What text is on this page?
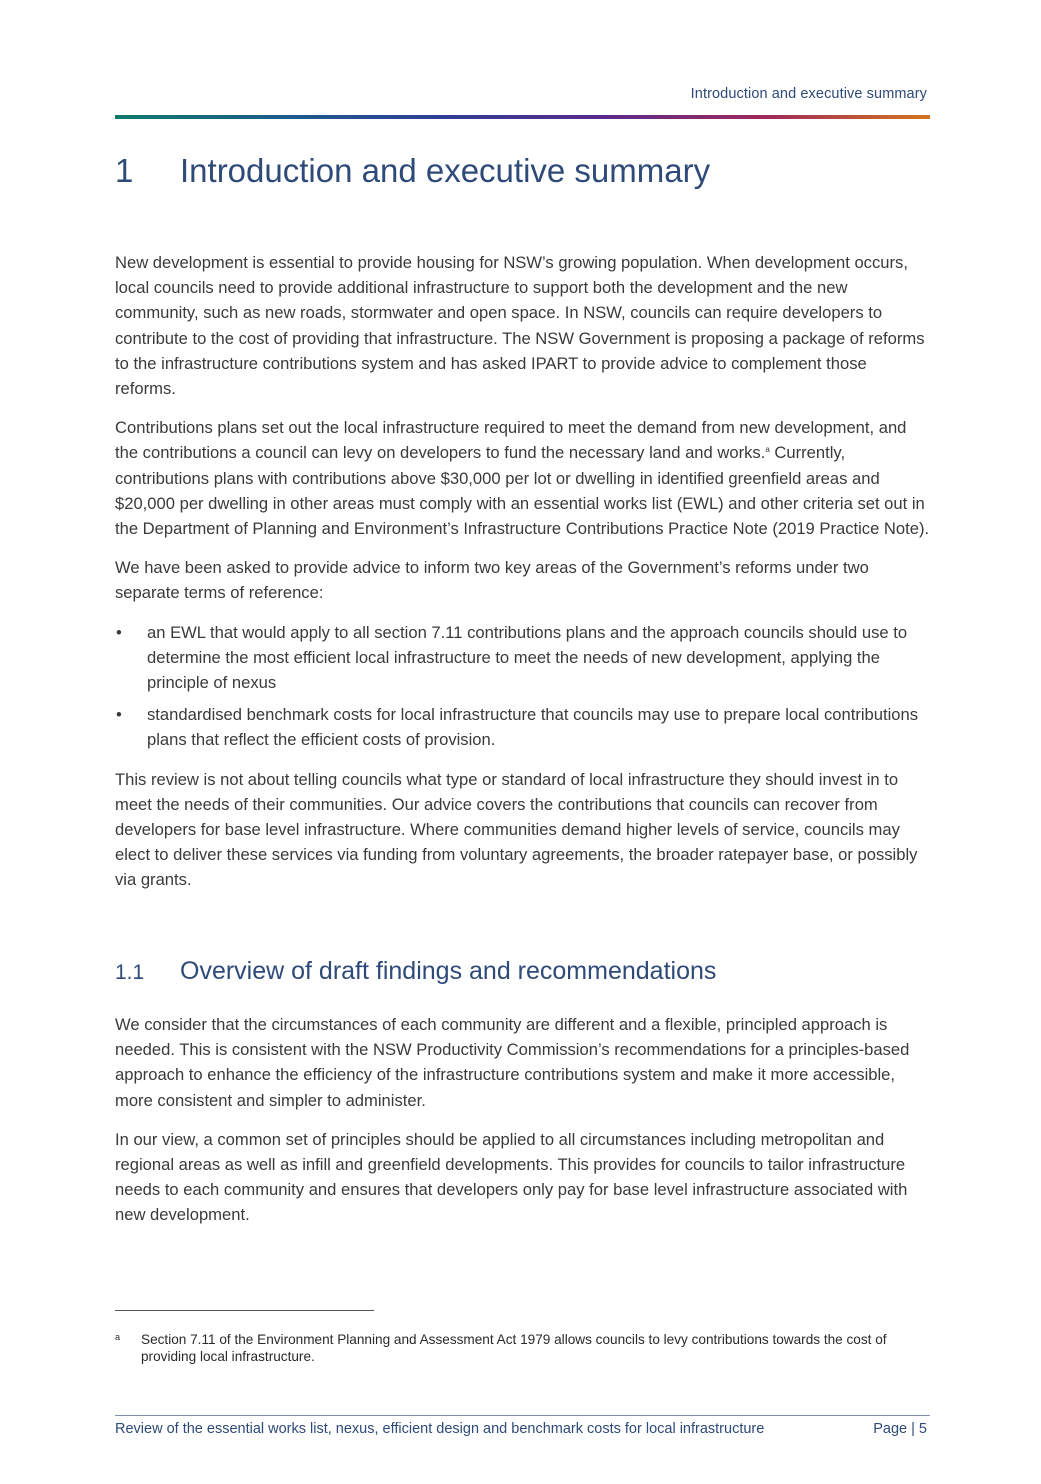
Introduction and executive summary
1 Introduction and executive summary

New development is essential to provide housing for NSW’s growing population. When development occurs, local councils need to provide additional infrastructure to support both the development and the new community, such as new roads, stormwater and open space. In NSW, councils can require developers to contribute to the cost of providing that infrastructure. The NSW Government is proposing a package of reforms to the infrastructure contributions system and has asked IPART to provide advice to complement those reforms.

Contributions plans set out the local infrastructure required to meet the demand from new development, and the contributions a council can levy on developers to fund the necessary land and works.$^a$ Currently, contributions plans with contributions above $30,000 per lot or dwelling in identified greenfield areas and $20,000 per dwelling in other areas must comply with an essential works list (EWL) and other criteria set out in the Department of Planning and Environment’s Infrastructure Contributions Practice Note (2019 Practice Note).

We have been asked to provide advice to inform two key areas of the Government’s reforms under two separate terms of reference:

• an EWL that would apply to all section 7.11 contributions plans and the approach councils should use to determine the most efficient local infrastructure to meet the needs of new development, applying the principle of nexus
• standardised benchmark costs for local infrastructure that councils may use to prepare local contributions plans that reflect the efficient costs of provision.

This review is not about telling councils what type or standard of local infrastructure they should invest in to meet the needs of their communities. Our advice covers the contributions that councils can recover from developers for base level infrastructure. Where communities demand higher levels of service, councils may elect to deliver these services via funding from voluntary agreements, the broader ratepayer base, or possibly via grants.

1.1 Overview of draft findings and recommendations

We consider that the circumstances of each community are different and a flexible, principled approach is needed. This is consistent with the NSW Productivity Commission’s recommendations for a principles-based approach to enhance the efficiency of the infrastructure contributions system and make it more accessible, more consistent and simpler to administer.

In our view, a common set of principles should be applied to all circumstances including metropolitan and regional areas as well as infill and greenfield developments. This provides for councils to tailor infrastructure needs to each community and ensures that developers only pay for base level infrastructure associated with new development.

a Section 7.11 of the Environment Planning and Assessment Act 1979 allows councils to levy contributions towards the cost of providing local infrastructure.
Review of the essential works list, nexus, efficient design and benchmark costs for local infrastructure	Page | 5
